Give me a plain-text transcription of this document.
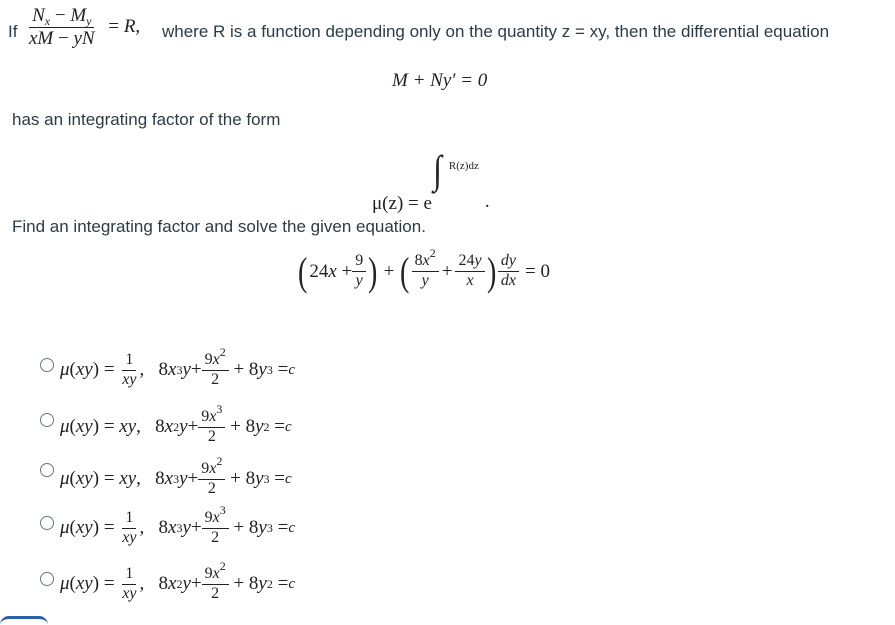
If $\frac{N_x - M_y}{xM - yN} = R$, where R is a function depending only on the quantity z = xy, then the differential equation
M + Ny′ = 0
has an integrating factor of the form
μ(z) = e∫ $^{R(z)dz}$.
Find an integrating factor and solve the given equation.
( $24x + \frac{9}{y}$ ) + ( $\frac{8x^2}{y} + \frac{24y}{x}$ ) $\frac{dy}{dx} = 0$
μ ( xy ) = $\frac{1}{xy}$ ,   8 x 3 $y + \frac{9x^2}{2} + 8$ y 3 = c
μ ( xy ) = xy ,   8 x 2 $y + \frac{9x^3}{2} + 8$ y 2 = c
μ ( xy ) = xy ,   8 x 3 $y + \frac{9x^2}{2} + 8$ y 3 = c
μ ( xy ) = $\frac{1}{xy}$ ,   8 x 3 $y + \frac{9x^3}{2} + 8$ y 3 = c
μ ( xy ) = $\frac{1}{xy}$ ,   8 x 2 $y + \frac{9x^2}{2} + 8$ y 2 = c
